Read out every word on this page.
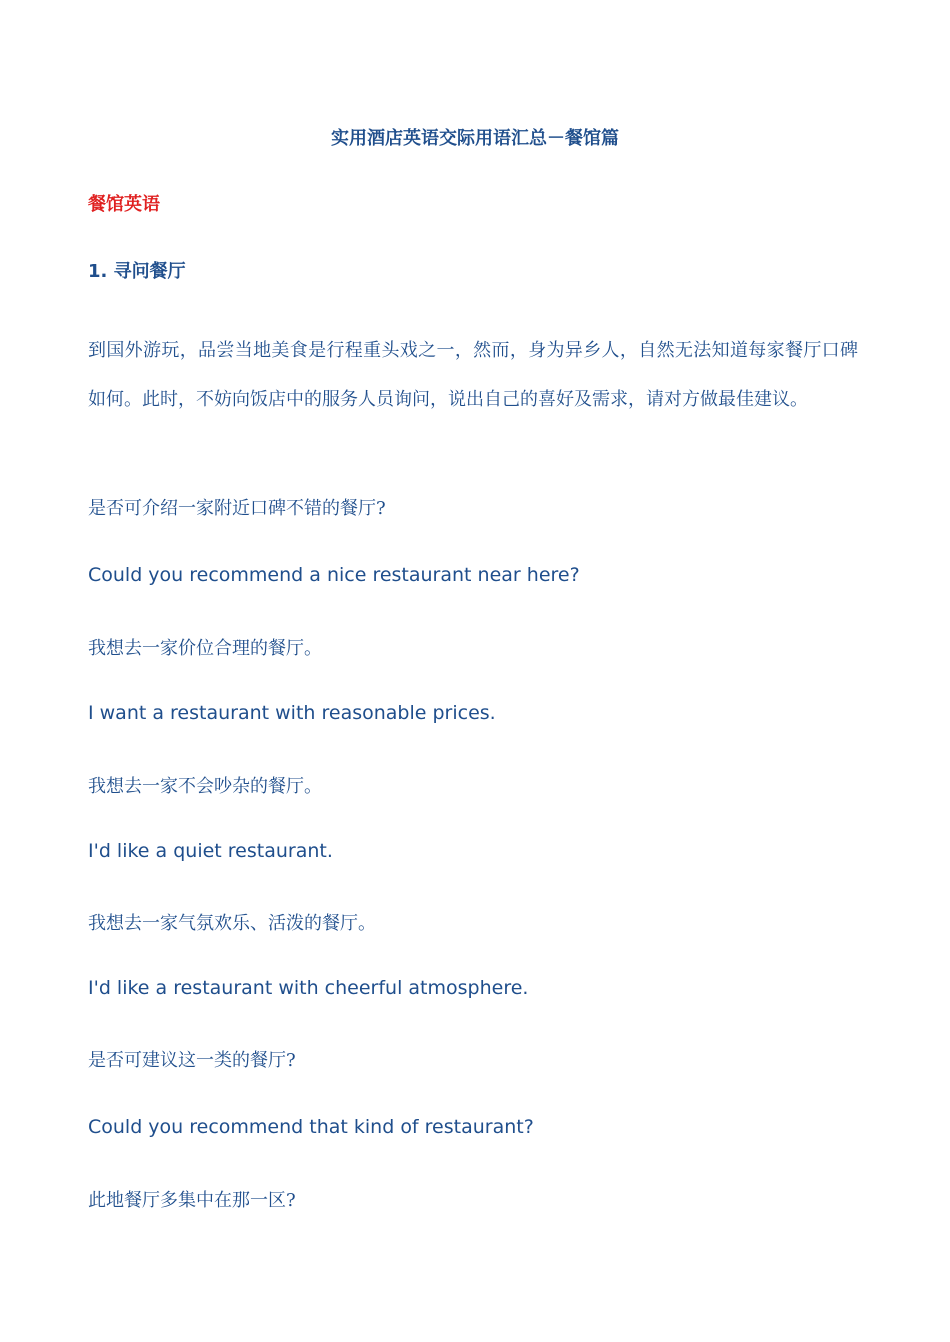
实用酒店英语交际用语汇总－餐馆篇
餐馆英语
1. 寻问餐厅
到国外游玩，品尝当地美食是行程重头戏之一，然而，身为异乡人，自然无法知道每家餐厅口碑如何。此时，不妨向饭店中的服务人员询问，说出自己的喜好及需求，请对方做最佳建议。
是否可介绍一家附近口碑不错的餐厅?
Could you recommend a nice restaurant near here?
我想去一家价位合理的餐厅。
I want a restaurant with reasonable prices.
我想去一家不会吵杂的餐厅。
I'd like a quiet restaurant.
我想去一家气氛欢乐、活泼的餐厅。
I'd like a restaurant with cheerful atmosphere.
是否可建议这一类的餐厅?
Could you recommend that kind of restaurant?
此地餐厅多集中在那一区?
